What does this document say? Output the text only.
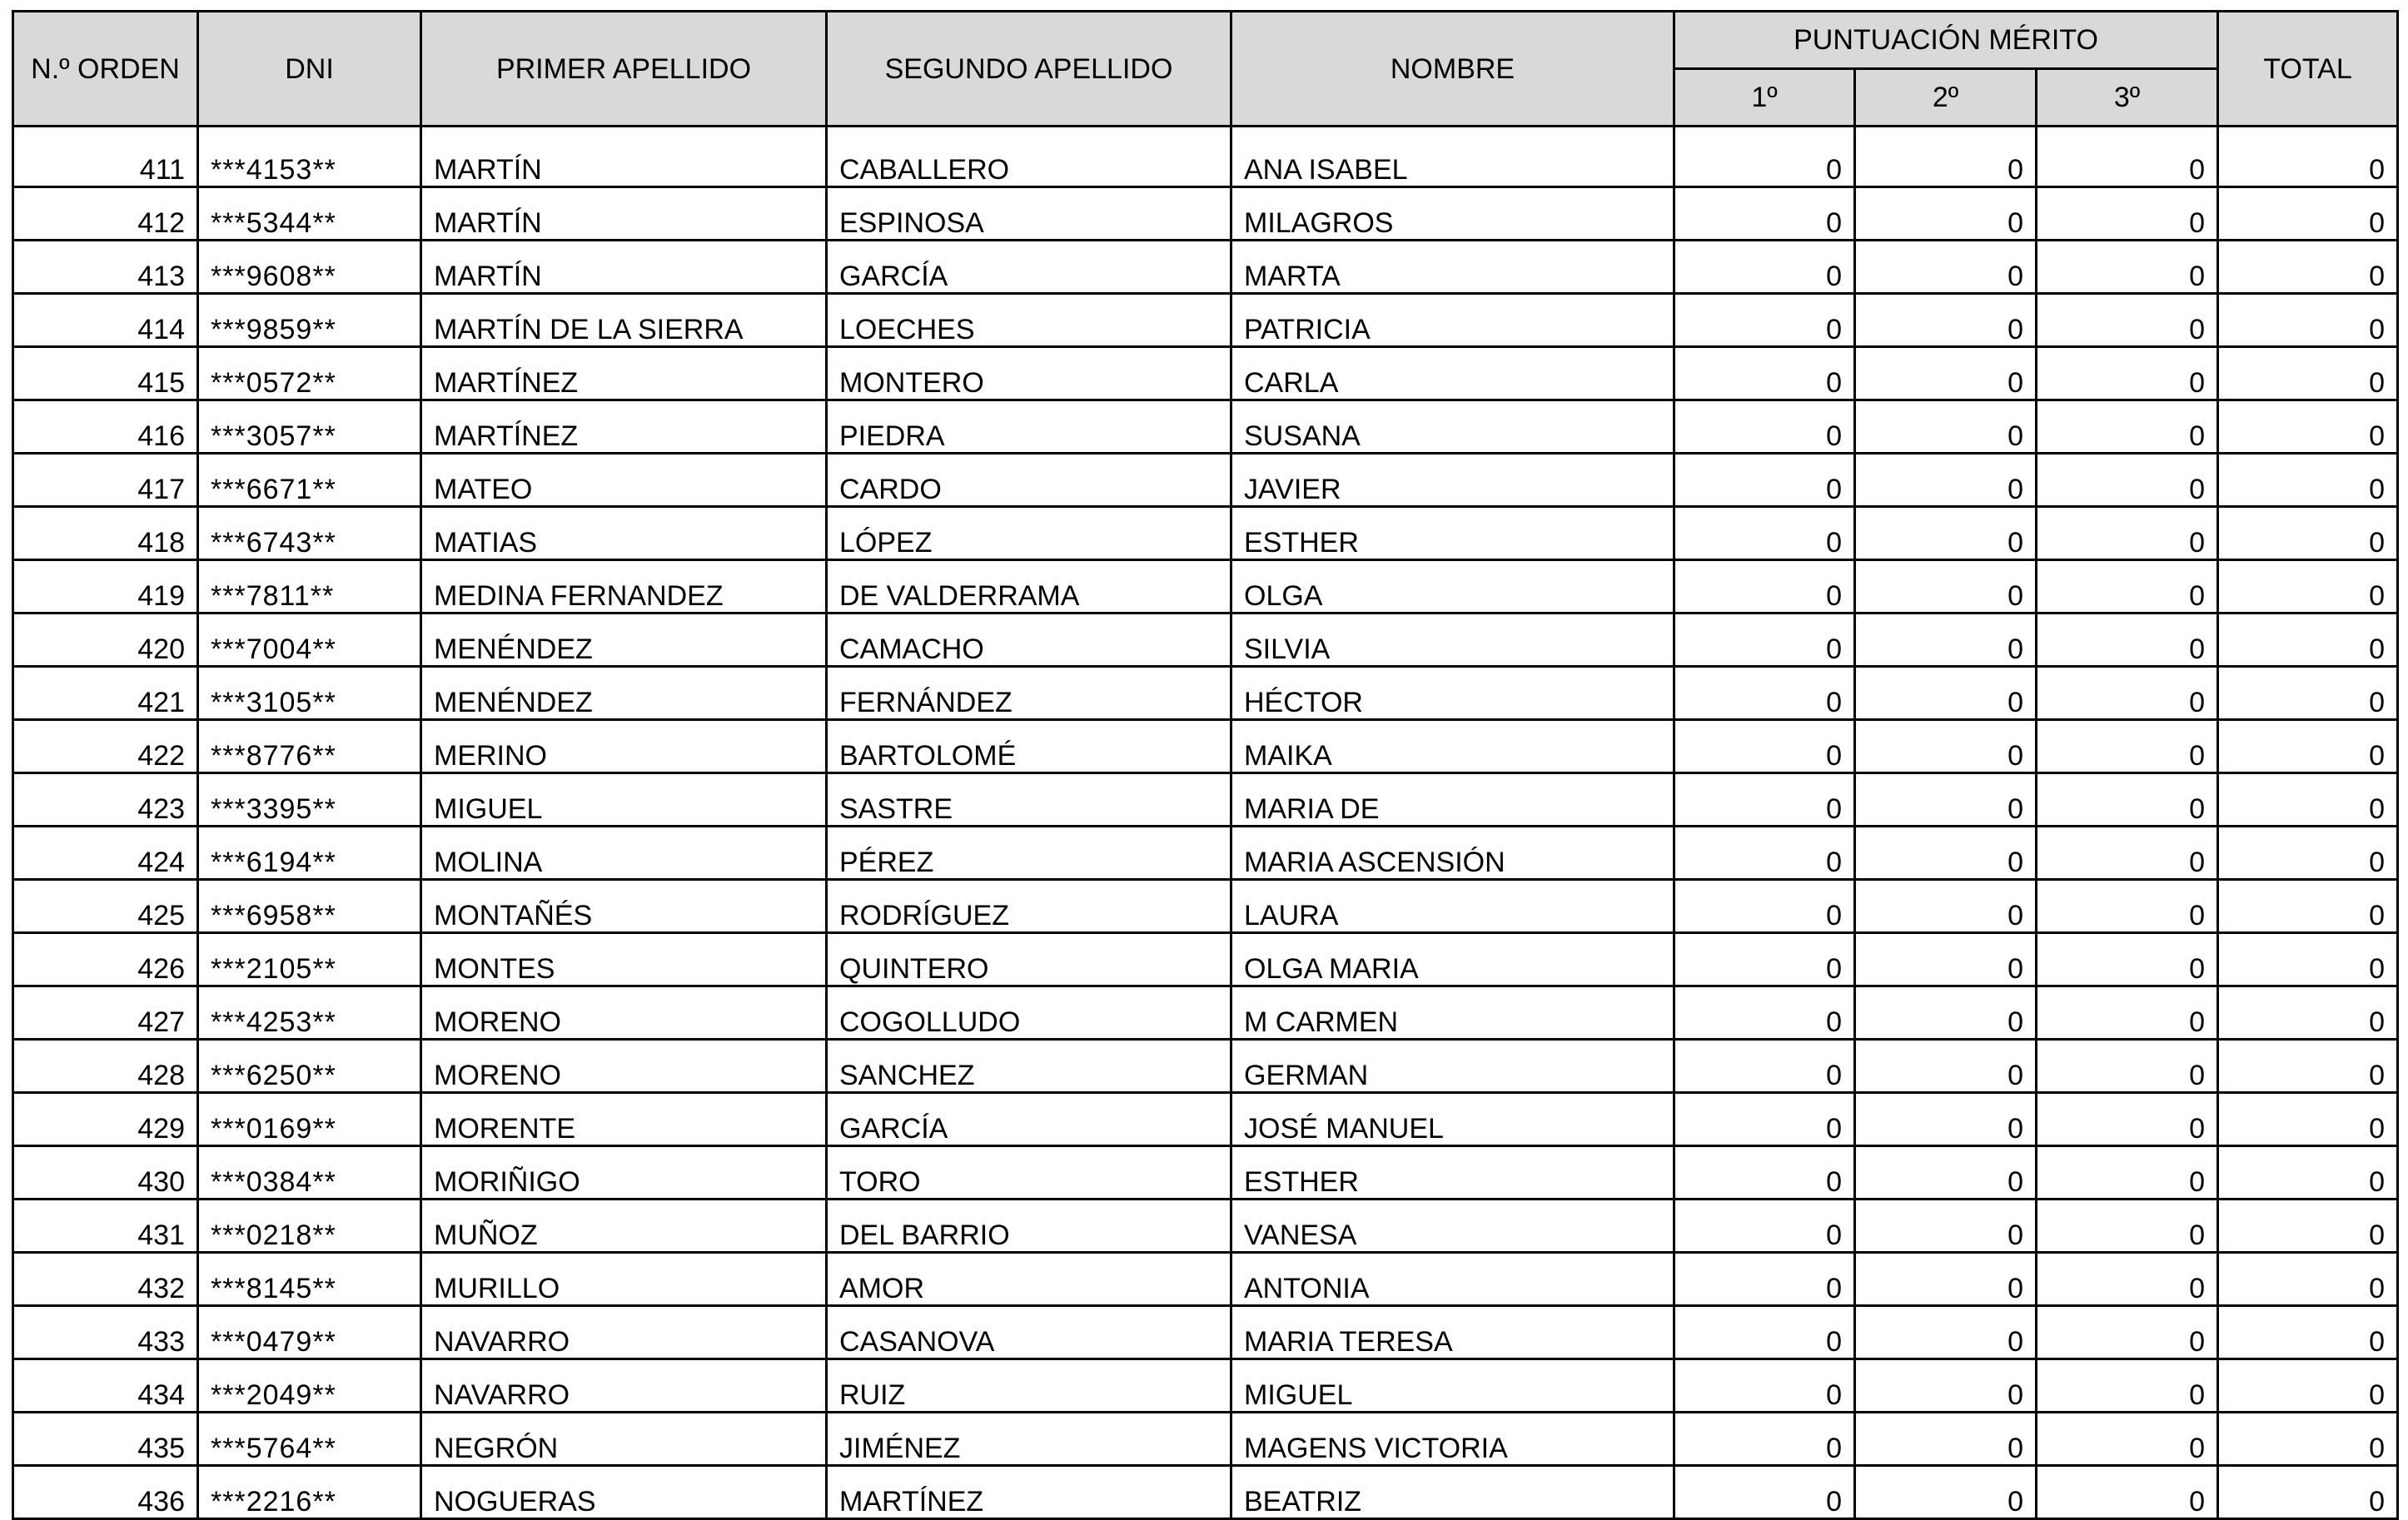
N.º ORDEN	DNI	PRIMER APELLIDO	SEGUNDO APELLIDO	NOMBRE	PUNTUACIÓN MÉRITO			TOTAL
					1º	2º	3º	
411	***4153**	MARTÍN	CABALLERO	ANA ISABEL	0	0	0	0
412	***5344**	MARTÍN	ESPINOSA	MILAGROS	0	0	0	0
413	***9608**	MARTÍN	GARCÍA	MARTA	0	0	0	0
414	***9859**	MARTÍN DE LA SIERRA	LOECHES	PATRICIA	0	0	0	0
415	***0572**	MARTÍNEZ	MONTERO	CARLA	0	0	0	0
416	***3057**	MARTÍNEZ	PIEDRA	SUSANA	0	0	0	0
417	***6671**	MATEO	CARDO	JAVIER	0	0	0	0
418	***6743**	MATIAS	LÓPEZ	ESTHER	0	0	0	0
419	***7811**	MEDINA FERNANDEZ	DE VALDERRAMA	OLGA	0	0	0	0
420	***7004**	MENÉNDEZ	CAMACHO	SILVIA	0	0	0	0
421	***3105**	MENÉNDEZ	FERNÁNDEZ	HÉCTOR	0	0	0	0
422	***8776**	MERINO	BARTOLOMÉ	MAIKA	0	0	0	0
423	***3395**	MIGUEL	SASTRE	MARIA DE	0	0	0	0
424	***6194**	MOLINA	PÉREZ	MARIA ASCENSIÓN	0	0	0	0
425	***6958**	MONTAÑÉS	RODRÍGUEZ	LAURA	0	0	0	0
426	***2105**	MONTES	QUINTERO	OLGA MARIA	0	0	0	0
427	***4253**	MORENO	COGOLLUDO	M CARMEN	0	0	0	0
428	***6250**	MORENO	SANCHEZ	GERMAN	0	0	0	0
429	***0169**	MORENTE	GARCÍA	JOSÉ MANUEL	0	0	0	0
430	***0384**	MORIÑIGO	TORO	ESTHER	0	0	0	0
431	***0218**	MUÑOZ	DEL BARRIO	VANESA	0	0	0	0
432	***8145**	MURILLO	AMOR	ANTONIA	0	0	0	0
433	***0479**	NAVARRO	CASANOVA	MARIA TERESA	0	0	0	0
434	***2049**	NAVARRO	RUIZ	MIGUEL	0	0	0	0
435	***5764**	NEGRÓN	JIMÉNEZ	MAGENS VICTORIA	0	0	0	0
436	***2216**	NOGUERAS	MARTÍNEZ	BEATRIZ	0	0	0	0
